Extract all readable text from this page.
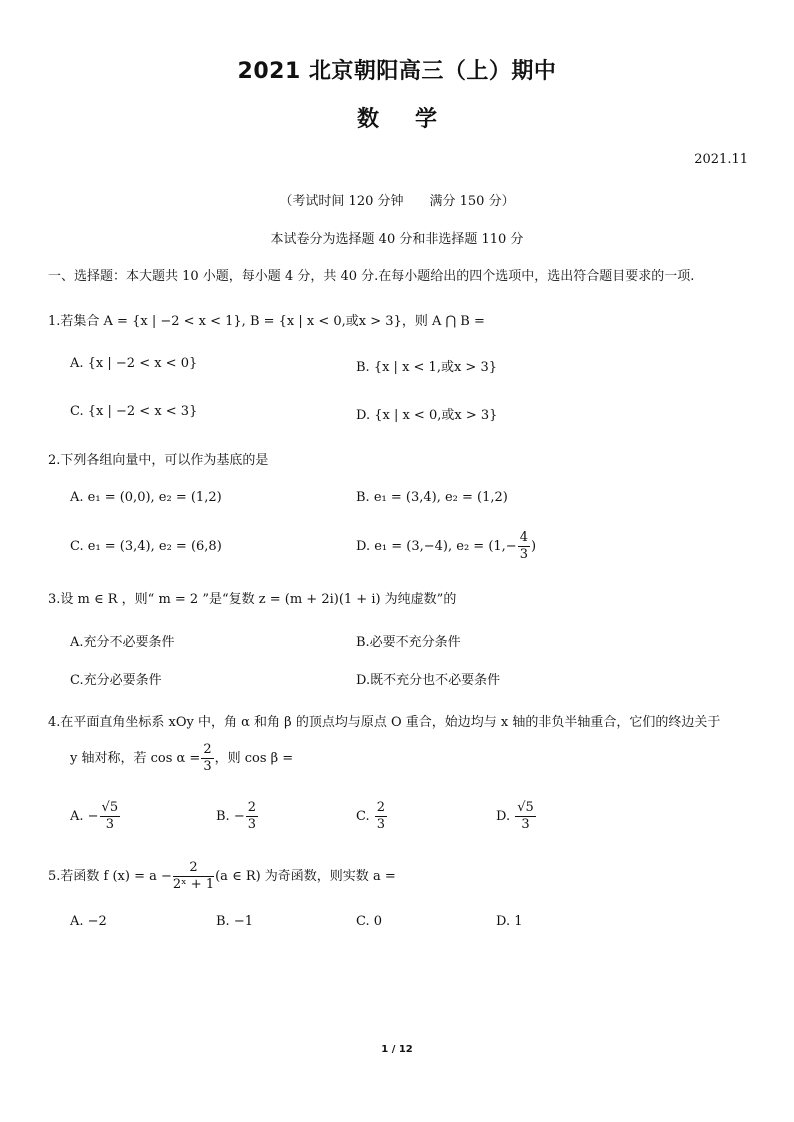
2021 北京朝阳高三（上）期中
数 学
2021.11
（考试时间 120 分钟　　满分 150 分）
本试卷分为选择题 40 分和非选择题 110 分
一、选择题：本大题共 10 小题，每小题 4 分，共 40 分.在每小题给出的四个选项中，选出符合题目要求的一项.
1.若集合 A = {x | −2 < x < 1}, B = {x | x < 0,或x > 3}，则 A ⋂ B =
A. {x | −2 < x < 0}	B. {x | x < 1,或x > 3}
C. {x | −2 < x < 3}	D. {x | x < 0,或x > 3}
2.下列各组向量中，可以作为基底的是
A. e₁ = (0,0), e₂ = (1,2)	B. e₁ = (3,4), e₂ = (1,2)
C. e₁ = (3,4), e₂ = (6,8)	D. e₁ = (3,−4), $e_2 = (1,- \frac{4}{3}$ )
3.设 m ∈ R ，则“ m = 2 ”是“复数 z = (m + 2i)(1 + i) 为纯虚数”的
A.充分不必要条件	B.必要不充分条件
C.充分必要条件	D.既不充分也不必要条件
4.在平面直角坐标系 xOy 中，角 α 和角 β 的顶点均与原点 O 重合，始边均与 x 轴的非负半轴重合，它们的终边关于
y 轴对称，若 $\cos \alpha = \frac{2}{3}$ ，则 cos β =
A. − $\frac{√5}{3}$	B. − $\frac{2}{3}$	C. $\frac{2}{3}$	D. $\frac{√5}{3}$
5.若函数 f $(x) = a - \frac{2}{\text{2ˣ + 1}} (a$ ∈ R) 为奇函数，则实数 a =
A. −2	B. −1	C. 0	D. 1
1 / 12
